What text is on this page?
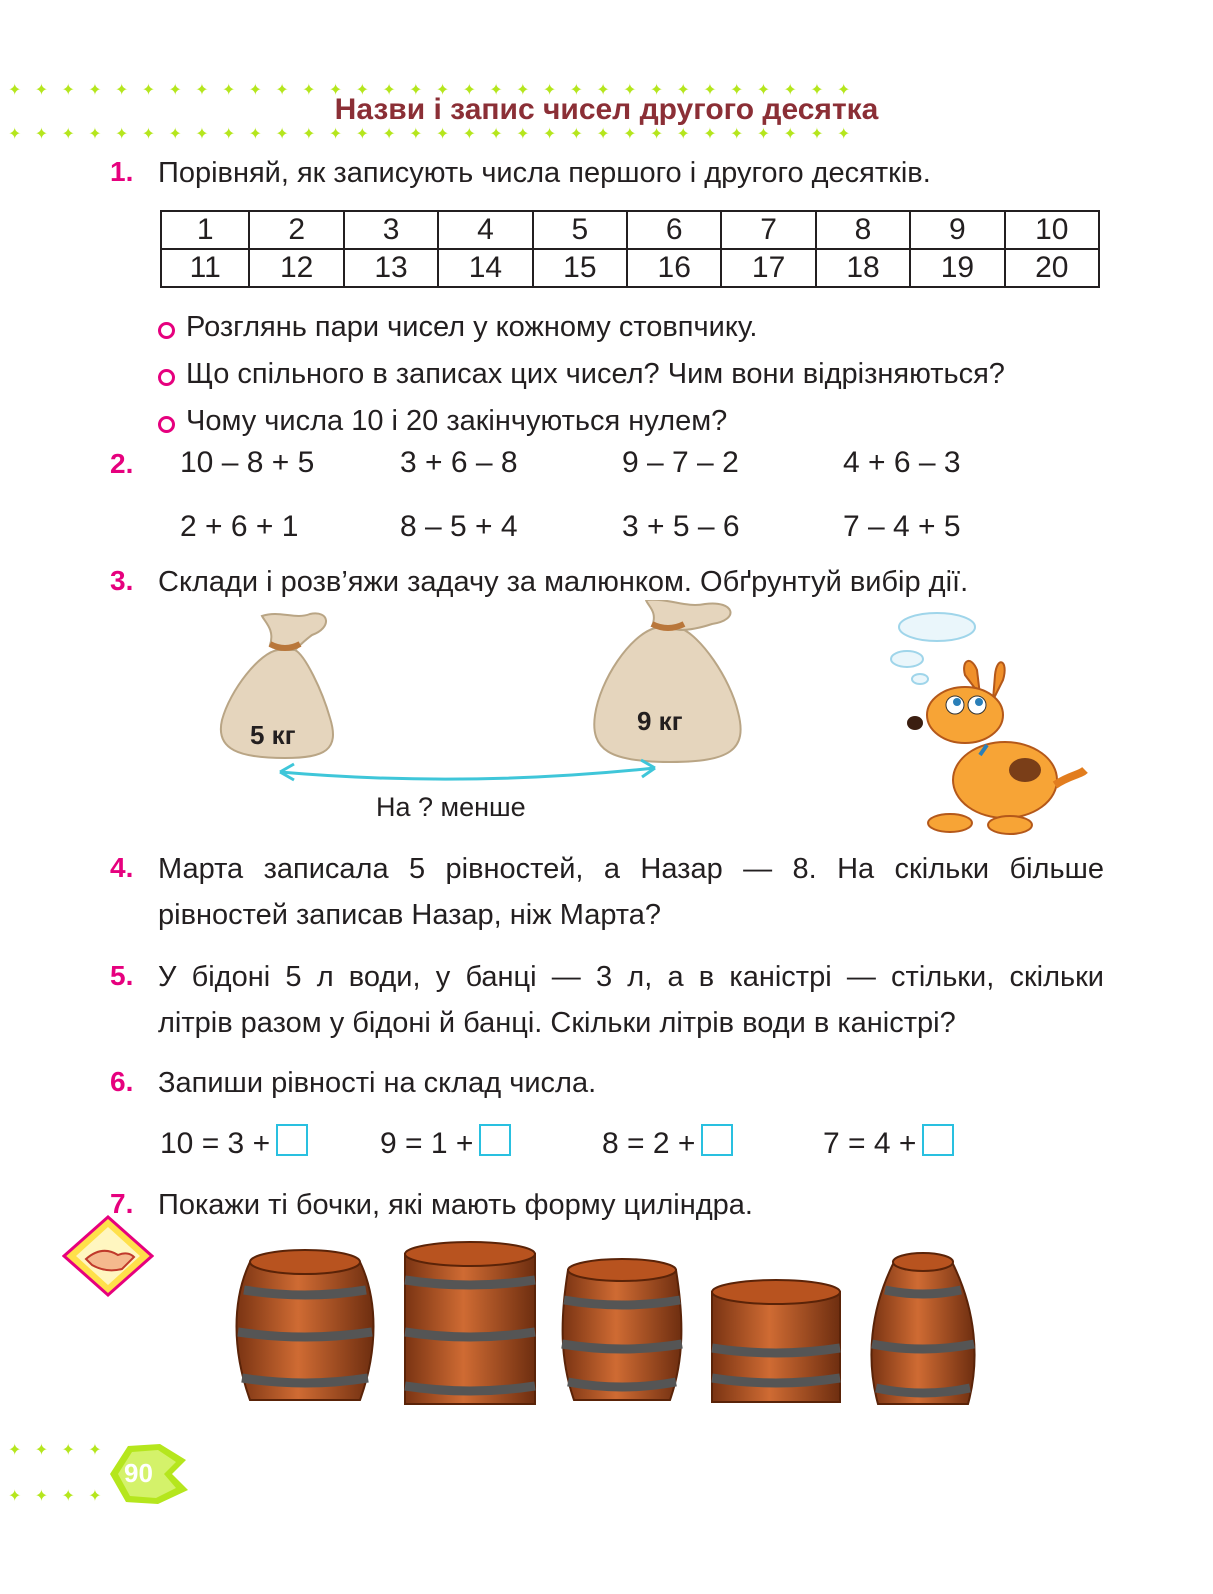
✦   ✦   ✦   ✦   ✦   ✦   ✦   ✦   ✦   ✦   ✦   ✦   ✦   ✦   ✦   ✦   ✦   ✦   ✦   ✦   ✦   ✦   ✦   ✦   ✦   ✦   ✦   ✦   ✦   ✦   ✦   ✦
✦   ✦   ✦   ✦   ✦   ✦   ✦   ✦   ✦   ✦   ✦   ✦   ✦   ✦   ✦   ✦   ✦   ✦   ✦   ✦   ✦   ✦   ✦   ✦   ✦   ✦   ✦   ✦   ✦   ✦   ✦   ✦
Назви і запис чисел другого десятка
1. Порівняй, як записують числа першого і другого десятків.
1	2	3	4	5	6	7	8	9	10
11	12	13	14	15	16	17	18	19	20
Розглянь пари чисел у кожному стовпчику.
Що спільного в записах цих чисел? Чим вони відрізняються?
Чому числа 10 і 20 закінчуються нулем?
2. 10 – 8 + 5	3 + 6 – 8	9 – 7 – 2	4 + 6 – 3
2 + 6 + 1	8 – 5 + 4	3 + 5 – 6	7 – 4 + 5
3. Склади і розв’яжи задачу за малюнком. Обґрунтуй вибір дії.
5 кг	9 кг
На ? менше
4. Марта записала 5 рівностей, а Назар — 8. На скільки більше
рівностей записав Назар, ніж Марта?
5. У бідоні 5 л води, у банці — 3 л, а в каністрі — стільки, скільки
літрів разом у бідоні й банці. Скільки літрів води в каністрі?
6. Запиши рівності на склад числа.
10 = 3 +	9 = 1 +	8 = 2 +	7 = 4 +
7. Покажи ті бочки, які мають форму циліндра.
✦   ✦   ✦   ✦
✦   ✦   ✦   ✦
90
